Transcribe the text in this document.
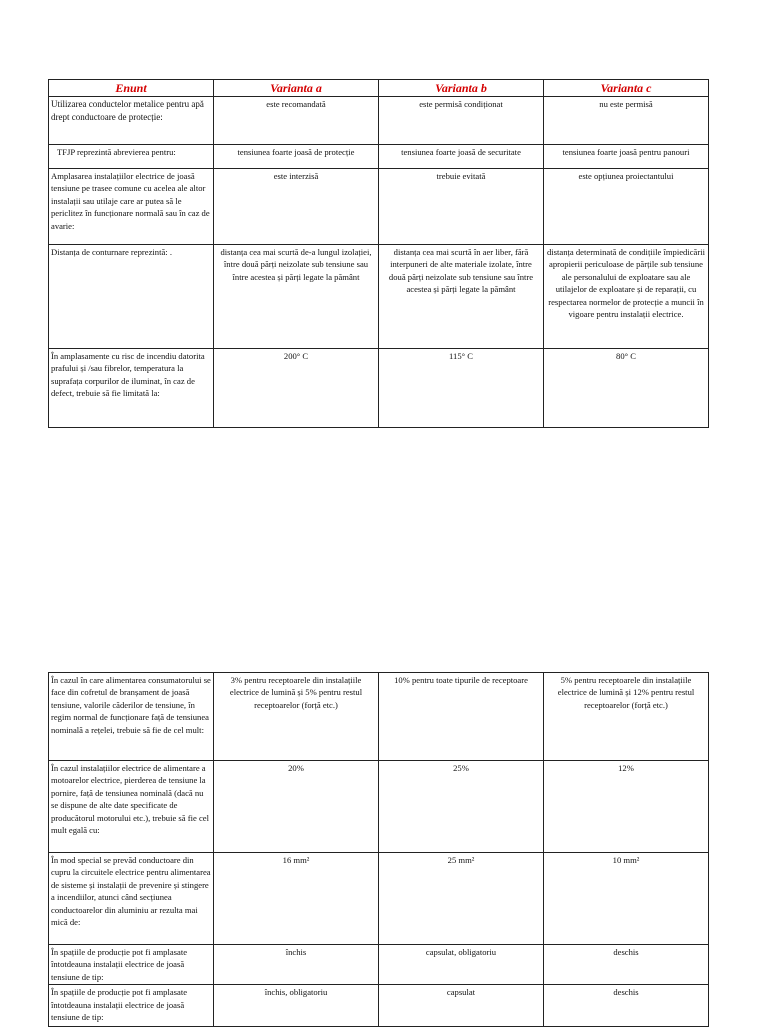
Enunt	Varianta a	Varianta b	Varianta c
Utilizarea conductelor metalice pentru apă drept conductoare de protecție:	este recomandată	este permisă condiționat	nu este permisă
TFJP reprezintă abrevierea pentru:	tensiunea foarte joasă de protecție	tensiunea foarte joasă de securitate	tensiunea foarte joasă pentru panouri
Amplasarea instalațiilor electrice de joasă tensiune pe trasee comune cu acelea ale altor instalații sau utilaje care ar putea să le periclitez în funcționare normală sau în caz de avarie:	este interzisă	trebuie evitată	este opțiunea proiectantului
Distanța de conturnare reprezintă: .	distanța cea mai scurtă de-a lungul izolației, între două părți neizolate sub tensiune sau între acestea și părți legate la pământ	distanța cea mai scurtă în aer liber, fără interpuneri de alte materiale izolate, între două părți neizolate sub tensiune sau între acestea și părți legate la pământ	distanța determinată de condițiile împiedicării apropierii periculoase de părțile sub tensiune ale personalului de exploatare sau ale utilajelor de exploatare și de reparații, cu respectarea normelor de protecție a muncii în vigoare pentru instalații electrice.
În amplasamente cu risc de incendiu datorita prafului și /sau fibrelor, temperatura la suprafața corpurilor de iluminat, în caz de defect, trebuie să fie limitată la:	200° C	115° C	80° C
În cazul în care alimentarea consumatorului se face din cofretul de branșament de joasă tensiune, valorile căderilor de tensiune, în regim normal de funcționare față de tensiunea nominală a rețelei, trebuie să fie de cel mult:	3% pentru receptoarele din instalațiile electrice de lumină și 5% pentru restul receptoarelor (forță etc.)	10% pentru toate tipurile de receptoare	5% pentru receptoarele din instalațiile electrice de lumină și 12% pentru restul receptoarelor (forță etc.)
În cazul instalațiilor electrice de alimentare a motoarelor electrice, pierderea de tensiune la pornire, față de tensiunea nominală (dacă nu se dispune de alte date specificate de producătorul motorului etc.), trebuie să fie cel mult egală cu:	20%	25%	12%
În mod special se prevăd conductoare din cupru la circuitele electrice pentru alimentarea de sisteme și instalații de prevenire și stingere a incendiilor, atunci când secțiunea conductoarelor din aluminiu ar rezulta mai mică de:	16 mm²	25 mm²	10 mm²
În spațiile de producție pot fi amplasate întotdeauna instalații electrice de joasă tensiune de tip:	închis	capsulat, obligatoriu	deschis
În spațiile de producție pot fi amplasate întotdeauna instalații electrice de joasă tensiune de tip:	închis, obligatoriu	capsulat	deschis
